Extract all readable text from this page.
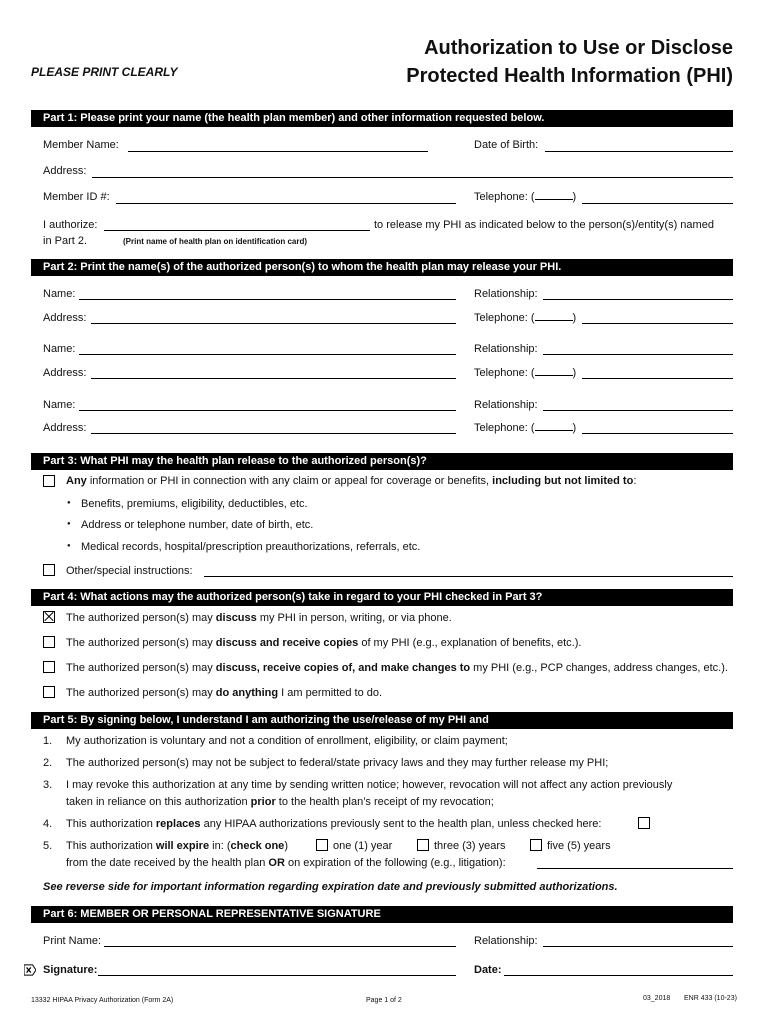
Authorization to Use or Disclose
Protected Health Information (PHI)
PLEASE PRINT CLEARLY
Part 1: Please print your name (the health plan member) and other information requested below.
Member Name:	Date of Birth:
Address:
Member ID #:	Telephone: (	)
I authorize:	to release my PHI as indicated below to the person(s)/entity(s) named
in Part 2.	(Print name of health plan on identification card)
Part 2: Print the name(s) of the authorized person(s) to whom the health plan may release your PHI.
Name:	Relationship:
Address:	Telephone: (	)
Name:	Relationship:
Address:	Telephone: (	)
Name:	Relationship:
Address:	Telephone: (	)
Part 3: What PHI may the health plan release to the authorized person(s)?
Any information or PHI in connection with any claim or appeal for coverage or benefits, including but not limited to:
● Benefits, premiums, eligibility, deductibles, etc.
● Address or telephone number, date of birth, etc.
● Medical records, hospital/prescription preauthorizations, referrals, etc.
Other/special instructions:
Part 4: What actions may the authorized person(s) take in regard to your PHI checked in Part 3?
The authorized person(s) may discuss my PHI in person, writing, or via phone.
The authorized person(s) may discuss and receive copies of my PHI (e.g., explanation of benefits, etc.).
The authorized person(s) may discuss, receive copies of, and make changes to my PHI (e.g., PCP changes, address changes, etc.).
The authorized person(s) may do anything I am permitted to do.
Part 5: By signing below, I understand I am authorizing the use/release of my PHI and
1. My authorization is voluntary and not a condition of enrollment, eligibility, or claim payment;
2. The authorized person(s) may not be subject to federal/state privacy laws and they may further release my PHI;
3. I may revoke this authorization at any time by sending written notice; however, revocation will not affect any action previously
taken in reliance on this authorization prior to the health plan’s receipt of my revocation;
4. This authorization replaces any HIPAA authorizations previously sent to the health plan, unless checked here:
5. This authorization will expire in: (check one)	one (1) year	three (3) years	five (5) years
from the date received by the health plan OR on expiration of the following (e.g., litigation):
See reverse side for important information regarding expiration date and previously submitted authorizations.
Part 6: MEMBER OR PERSONAL REPRESENTATIVE SIGNATURE
Print Name:	Relationship:
Signature:	Date:
13332 HIPAA Privacy Authorization (Form 2A)	Page 1 of 2	03_2018 ENR 433 (10-23)
